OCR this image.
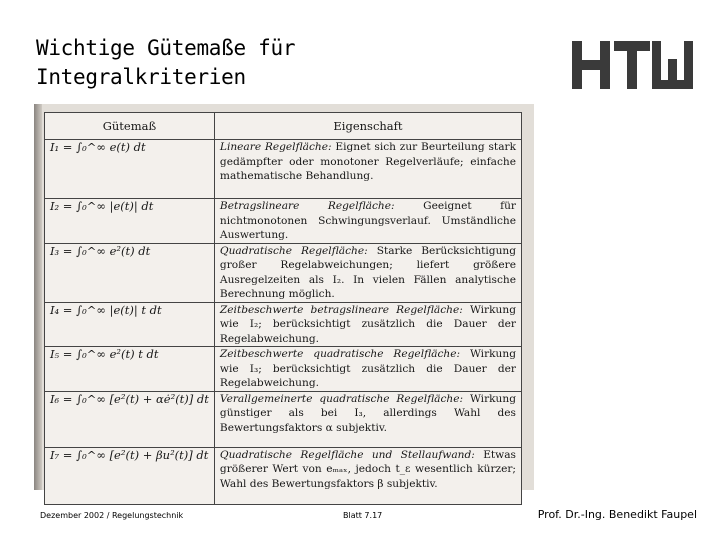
Wichtige Gütemaße für
Integralkriterien
Gütemaß	Eigenschaft
I₁ = ∫₀^∞ e(t) dt	Lineare Regelfläche: Eignet sich zur Beurteilung stark gedämpfter oder monotoner Regelverläufe; einfache mathematische Behandlung.
I₂ = ∫₀^∞ |e(t)| dt	Betragslineare Regelfläche: Geeignet für nichtmonotonen Schwingungsverlauf. Umständliche Auswertung.
I₃ = ∫₀^∞ e²(t) dt	Quadratische Regelfläche: Starke Berücksichtigung großer Regelabweichungen; liefert größere Ausregelzeiten als I₂. In vielen Fällen analytische Berechnung möglich.
I₄ = ∫₀^∞ |e(t)| t dt	Zeitbeschwerte betragslineare Regelfläche: Wirkung wie I₂; berücksichtigt zusätzlich die Dauer der Regelabweichung.
I₅ = ∫₀^∞ e²(t) t dt	Zeitbeschwerte quadratische Regelfläche: Wirkung wie I₃; berücksichtigt zusätzlich die Dauer der Regelabweichung.
I₆ = ∫₀^∞ [e²(t) + αė²(t)] dt	Verallgemeinerte quadratische Regelfläche: Wirkung günstiger als bei I₃, allerdings Wahl des Bewertungsfaktors α subjektiv.
I₇ = ∫₀^∞ [e²(t) + βu²(t)] dt	Quadratische Regelfläche und Stellaufwand: Etwas größerer Wert von eₘₐₓ, jedoch t_ε wesentlich kürzer; Wahl des Bewertungsfaktors β subjektiv.
Dezember 2002 / Regelungstechnik	Blatt 7.17	Prof. Dr.-Ing. Benedikt Faupel
